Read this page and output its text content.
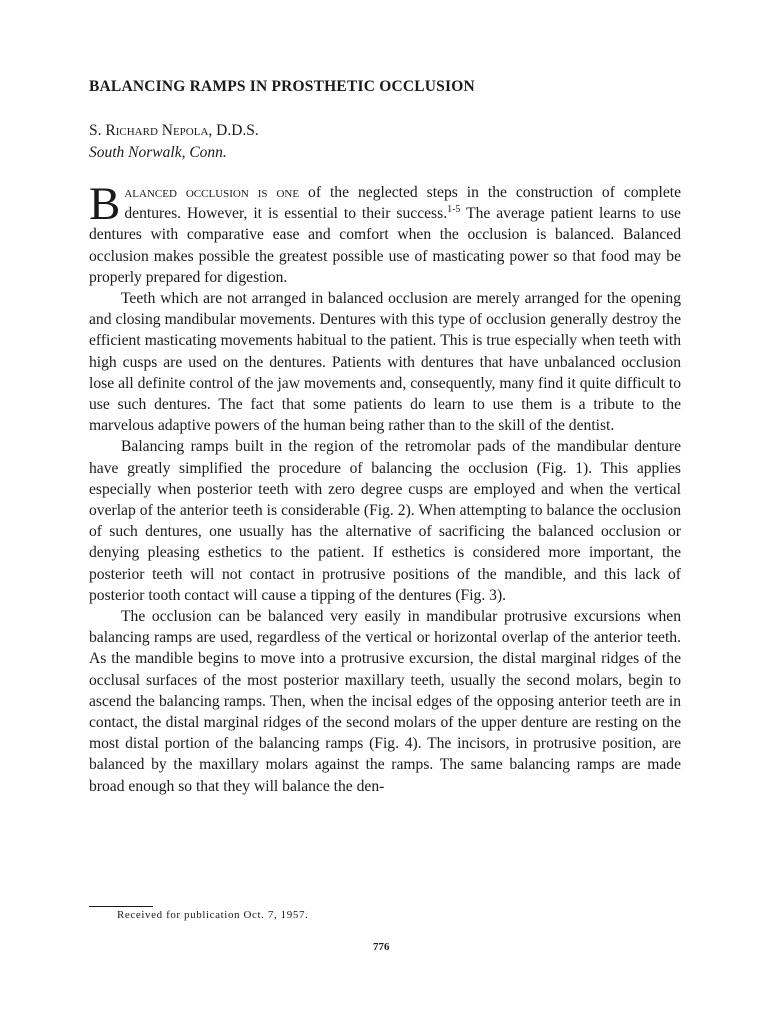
BALANCING RAMPS IN PROSTHETIC OCCLUSION

S. Richard Nepola, D.D.S.

South Norwalk, Conn.

Balanced occlusion is one of the neglected steps in the construction of complete dentures. However, it is essential to their success.$^{1-5}$ The average patient learns to use dentures with comparative ease and comfort when the occlusion is balanced. Balanced occlusion makes possible the greatest possible use of masticating power so that food may be properly prepared for digestion.

Teeth which are not arranged in balanced occlusion are merely arranged for the opening and closing mandibular movements. Dentures with this type of occlusion generally destroy the efficient masticating movements habitual to the patient. This is true especially when teeth with high cusps are used on the dentures. Patients with dentures that have unbalanced occlusion lose all definite control of the jaw movements and, consequently, many find it quite difficult to use such dentures. The fact that some patients do learn to use them is a tribute to the marvelous adaptive powers of the human being rather than to the skill of the dentist.

Balancing ramps built in the region of the retromolar pads of the mandibular denture have greatly simplified the procedure of balancing the occlusion (Fig. 1). This applies especially when posterior teeth with zero degree cusps are employed and when the vertical overlap of the anterior teeth is considerable (Fig. 2). When attempting to balance the occlusion of such dentures, one usually has the alternative of sacrificing the balanced occlusion or denying pleasing esthetics to the patient. If esthetics is considered more important, the posterior teeth will not contact in protrusive positions of the mandible, and this lack of posterior tooth contact will cause a tipping of the dentures (Fig. 3).

The occlusion can be balanced very easily in mandibular protrusive excursions when balancing ramps are used, regardless of the vertical or horizontal overlap of the anterior teeth. As the mandible begins to move into a protrusive excursion, the distal marginal ridges of the occlusal surfaces of the most posterior maxillary teeth, usually the second molars, begin to ascend the balancing ramps. Then, when the incisal edges of the opposing anterior teeth are in contact, the distal marginal ridges of the second molars of the upper denture are resting on the most distal portion of the balancing ramps (Fig. 4). The incisors, in protrusive position, are balanced by the maxillary molars against the ramps. The same balancing ramps are made broad enough so that they will balance the den-

Received for publication Oct. 7, 1957.
776
